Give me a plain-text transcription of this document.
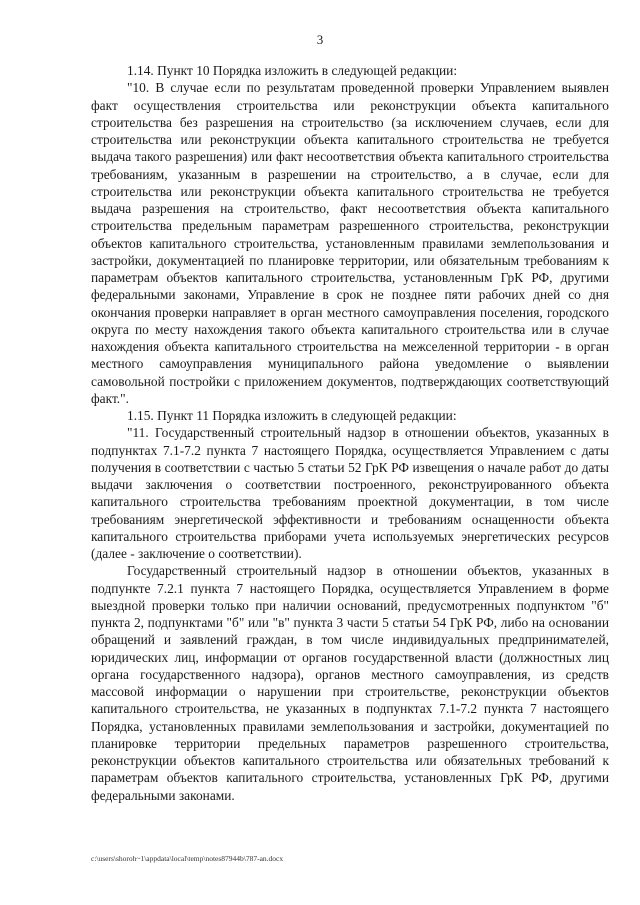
3

1.14. Пункт 10 Порядка изложить в следующей редакции:

"10. В случае если по результатам проведенной проверки Управлением выявлен факт осуществления строительства или реконструкции объекта капитального строительства без разрешения на строительство (за исключением случаев, если для строительства или реконструкции объекта капитального строительства не требуется выдача такого разрешения) или факт несоответствия объекта капитального строительства требованиям, указанным в разрешении на строительство, а в случае, если для строительства или реконструкции объекта капитального строительства не требуется выдача разрешения на строительство, факт несоответствия объекта капитального строительства предельным параметрам разрешенного строительства, реконструкции объектов капитального строительства, установленным правилами землепользования и застройки, документацией по планировке территории, или обязательным требованиям к параметрам объектов капитального строительства, установленным ГрК РФ, другими федеральными законами, Управление в срок не позднее пяти рабочих дней со дня окончания проверки направляет в орган местного самоуправления поселения, городского округа по месту нахождения такого объекта капитального строительства или в случае нахождения объекта капитального строительства на межселенной территории - в орган местного самоуправления муниципального района уведомление о выявлении самовольной постройки с приложением документов, подтверждающих соответствующий факт.".

1.15. Пункт 11 Порядка изложить в следующей редакции:

"11. Государственный строительный надзор в отношении объектов, указанных в подпунктах 7.1-7.2 пункта 7 настоящего Порядка, осуществляется Управлением с даты получения в соответствии с частью 5 статьи 52 ГрК РФ извещения о начале работ до даты выдачи заключения о соответствии построенного, реконструированного объекта капитального строительства требованиям проектной документации, в том числе требованиям энергетической эффективности и требованиям оснащенности объекта капитального строительства приборами учета используемых энергетических ресурсов (далее - заключение о соответствии).

Государственный строительный надзор в отношении объектов, указанных в подпункте 7.2.1 пункта 7 настоящего Порядка, осуществляется Управлением в форме выездной проверки только при наличии оснований, предусмотренных подпунктом "б" пункта 2, подпунктами "б" или "в" пункта 3 части 5 статьи 54 ГрК РФ, либо на основании обращений и заявлений граждан, в том числе индивидуальных предпринимателей, юридических лиц, информации от органов государственной власти (должностных лиц органа государственного надзора), органов местного самоуправления, из средств массовой информации о нарушении при строительстве, реконструкции объектов капитального строительства, не указанных в подпунктах 7.1-7.2 пункта 7 настоящего Порядка, установленных правилами землепользования и застройки, документацией по планировке территории предельных параметров разрешенного строительства, реконструкции объектов капитального строительства или обязательных требований к параметрам объектов капитального строительства, установленных ГрК РФ, другими федеральными законами.

c:\users\shoroh~1\appdata\local\temp\notes87944b\787-an.docx
